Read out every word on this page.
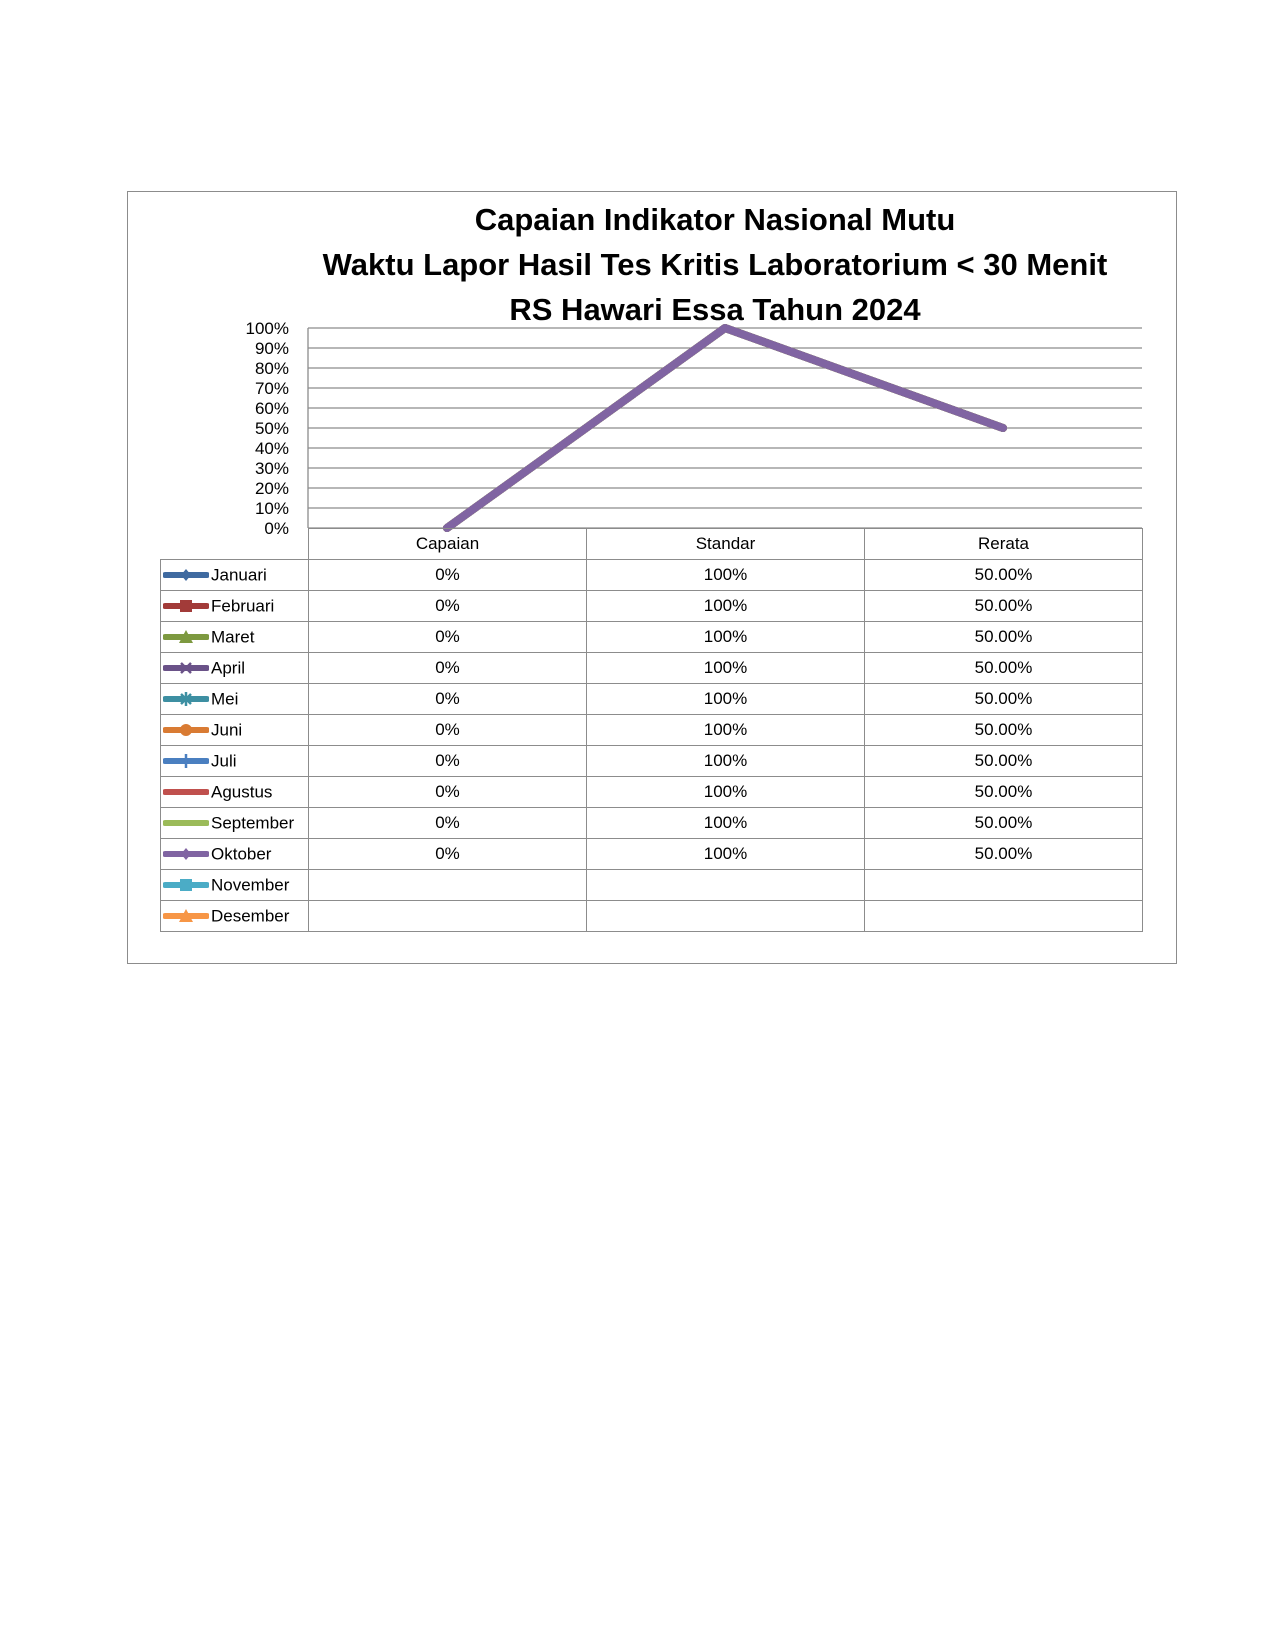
Capaian Indikator Nasional Mutu
Waktu Lapor Hasil Tes Kritis Laboratorium < 30 Menit
RS Hawari Essa Tahun 2024
0%
10%
20%
30%
40%
50%
60%
70%
80%
90%
100%
	Capaian	Standar	Rerata
Januari	0%	100%	50.00%
Februari	0%	100%	50.00%
Maret	0%	100%	50.00%
April	0%	100%	50.00%
Mei	0%	100%	50.00%
Juni	0%	100%	50.00%
Juli	0%	100%	50.00%
Agustus	0%	100%	50.00%
September	0%	100%	50.00%
Oktober	0%	100%	50.00%
November			
Desember			
